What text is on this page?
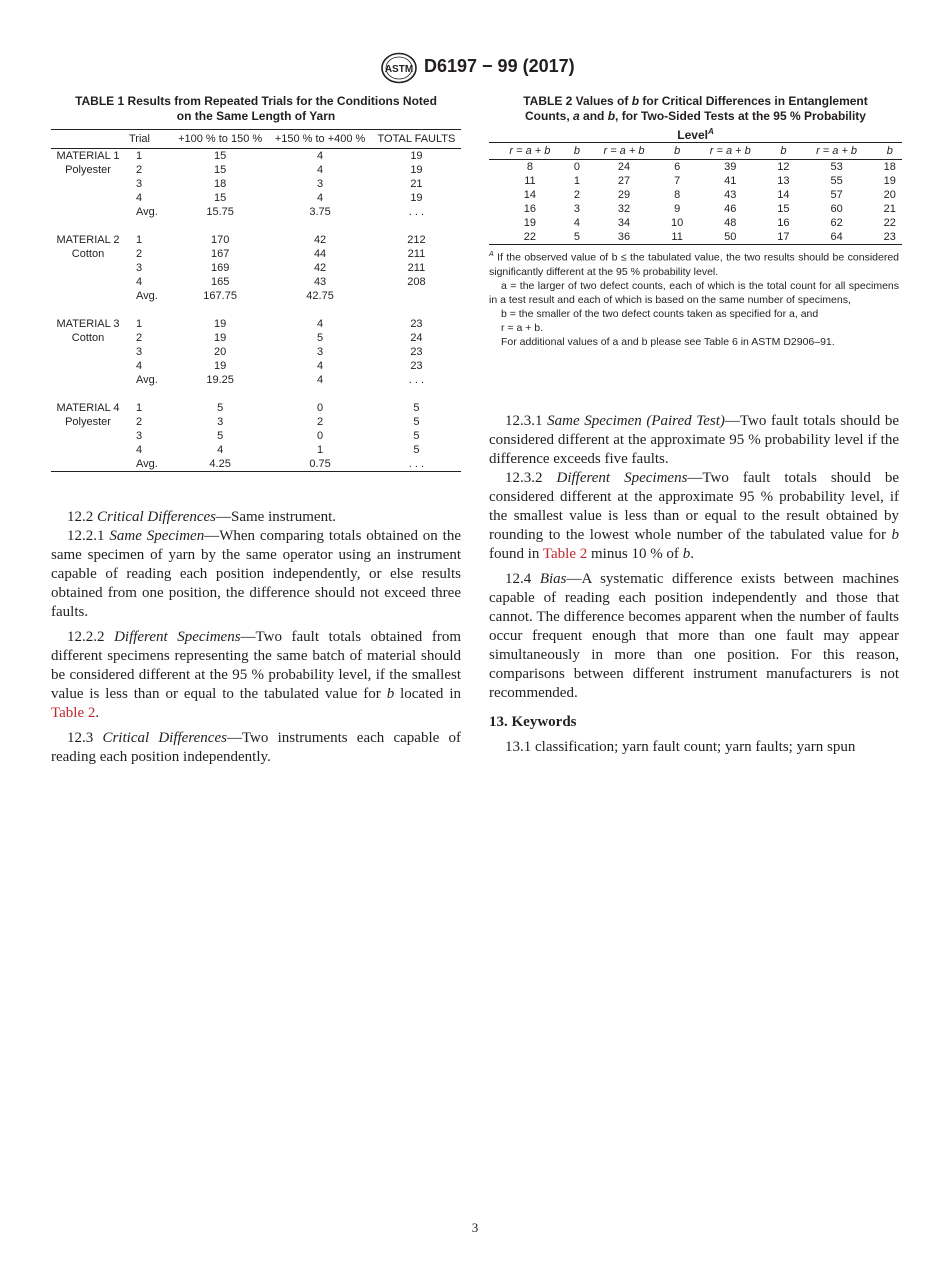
ASTM D6197 − 99 (2017)
TABLE 1 Results from Repeated Trials for the Conditions Noted
on the Same Length of Yarn
	Trial	+100 % to 150 %	+150 % to +400 %	TOTAL FAULTS
MATERIAL 1	1	15	4	19
Polyester	2	15	4	19
	3	18	3	21
	4	15	4	19
	Avg.	15.75	3.75	. . .

MATERIAL 2	1	170	42	212
Cotton	2	167	44	211
	3	169	42	211
	4	165	43	208
	Avg.	167.75	42.75	

MATERIAL 3	1	19	4	23
Cotton	2	19	5	24
	3	20	3	23
	4	19	4	23
	Avg.	19.25	4	. . .

MATERIAL 4	1	5	0	5
Polyester	2	3	2	5
	3	5	0	5
	4	4	1	5
	Avg.	4.25	0.75	. . .
TABLE 2 Values of b for Critical Differences in Entanglement
Counts, a and b, for Two-Sided Tests at the 95 % Probability
Level$^A$
r = a + b	b	r = a + b	b	r = a + b	b	r = a + b	b
8	0	24	6	39	12	53	18
11	1	27	7	41	13	55	19
14	2	29	8	43	14	57	20
16	3	32	9	46	15	60	21
19	4	34	10	48	16	62	22
22	5	36	11	50	17	64	23

$^A$ If the observed value of b ≤ the tabulated value, the two results should be considered significantly different at the 95 % probability level.

a = the larger of two defect counts, each of which is the total count for all specimens in a test result and each of which is based on the same number of specimens,

b = the smaller of the two defect counts taken as specified for a, and

r = a + b.

For additional values of a and b please see Table 6 in ASTM D2906–91.

12.2 Critical Differences—Same instrument.

12.2.1 Same Specimen—When comparing totals obtained on the same specimen of yarn by the same operator using an instrument capable of reading each position independently, or else results obtained from one position, the difference should not exceed three faults.

12.2.2 Different Specimens—Two fault totals obtained from different specimens representing the same batch of material should be considered different at the 95 % probability level, if the smallest value is less than or equal to the tabulated value for b located in Table 2.

12.3 Critical Differences—Two instruments each capable of reading each position independently.

12.3.1 Same Specimen (Paired Test)—Two fault totals should be considered different at the approximate 95 % probability level if the difference exceeds five faults.

12.3.2 Different Specimens—Two fault totals should be considered different at the approximate 95 % probability level, if the smallest value is less than or equal to the result obtained by rounding to the lowest whole number of the tabulated value for b found in Table 2 minus 10 % of b.

12.4 Bias—A systematic difference exists between machines capable of reading each position independently and those that cannot. The difference becomes apparent when the number of faults occur frequent enough that more than one fault may appear simultaneously in more than one position. For this reason, comparisons between different instrument manufacturers is not recommended.

13. Keywords

13.1 classification; yarn fault count; yarn faults; yarn spun

3
